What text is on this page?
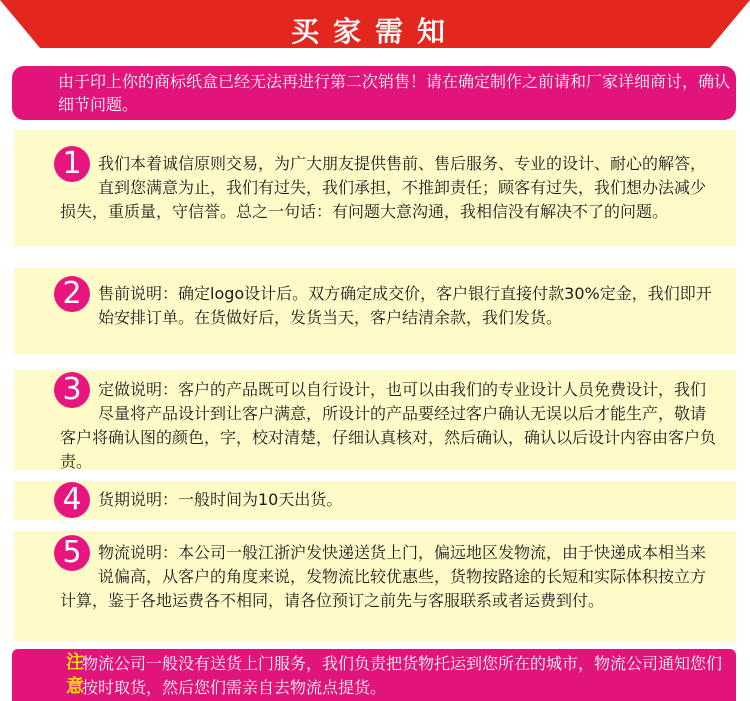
买家需知
由于印上你的商标纸盒已经无法再进行第二次销售！请在确定制作之前请和厂家详细商讨，确认细节问题。
1	我们本着诚信原则交易，为广大朋友提供售前、售后服务、专业的设计、耐心的解答，直到您满意为止，我们有过失，我们承担，不推卸责任；顾客有过失，我们想办法减少损失，重质量，守信誉。总之一句话：有问题大意沟通，我相信没有解决不了的问题。
2	售前说明：确定logo设计后。双方确定成交价，客户银行直接付款30%定金，我们即开始安排订单。在货做好后，发货当天，客户结清余款，我们发货。
3	定做说明：客户的产品既可以自行设计，也可以由我们的专业设计人员免费设计，我们尽量将产品设计到让客户满意，所设计的产品要经过客户确认无误以后才能生产，敬请客户将确认图的颜色，字，校对清楚，仔细认真核对，然后确认，确认以后设计内容由客户负责。
4	货期说明：一般时间为10天出货。
5	物流说明：本公司一般江浙沪发快递送货上门，偏远地区发物流，由于快递成本相当来说偏高，从客户的角度来说，发物流比较优惠些，货物按路途的长短和实际体积按立方计算，鉴于各地运费各不相同，请各位预订之前先与客服联系或者运费到付。
注意
物流公司一般没有送货上门服务，我们负责把货物托运到您所在的城市，物流公司通知您们按时取货，然后您们需亲自去物流点提货。
